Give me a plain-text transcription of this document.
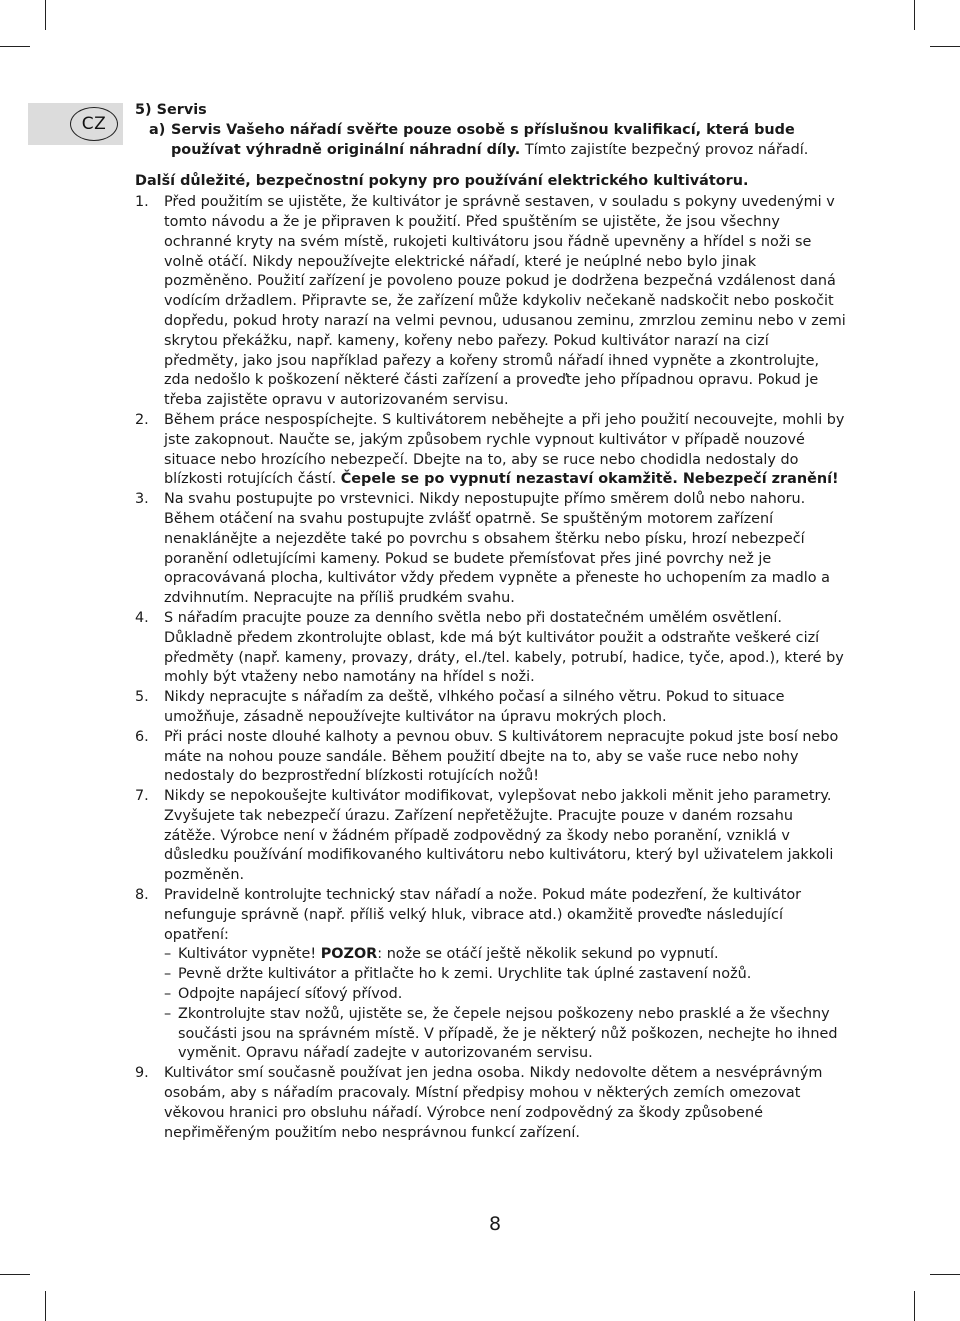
CZ
5) Servis
a) Servis Vašeho nářadí svěřte pouze osobě s příslušnou kvalifikací, která bude používat výhradně originální náhradní díly. Tímto zajistíte bezpečný provoz nářadí.
Další důležité, bezpečnostní pokyny pro používání elektrického kultivátoru.
1. Před použitím se ujistěte, že kultivátor je správně sestaven, v souladu s pokyny uvedenými v tomto návodu a že je připraven k použití. Před spuštěním se ujistěte, že jsou všechny ochranné kryty na svém místě, rukojeti kultivátoru jsou řádně upevněny a hřídel s noži se volně otáčí. Nikdy nepoužívejte elektrické nářadí, které je neúplné nebo bylo jinak pozměněno. Použití zařízení je povoleno pouze pokud je dodržena bezpečná vzdálenost daná vodícím držadlem. Připravte se, že zařízení může kdykoliv nečekaně nadskočit nebo poskočit dopředu, pokud hroty narazí na velmi pevnou, udusanou zeminu, zmrzlou zeminu nebo v zemi skrytou překážku, např. kameny, kořeny nebo pařezy. Pokud kultivátor narazí na cizí předměty, jako jsou například pařezy a kořeny stromů nářadí ihned vypněte a zkontrolujte, zda nedošlo k poškození některé části zařízení a proveďte jeho případnou opravu. Pokud je třeba zajistěte opravu v autorizovaném servisu.
2. Během práce nespospíchejte. S kultivátorem neběhejte a při jeho použití necouvejte, mohli by jste zakopnout. Naučte se, jakým způsobem rychle vypnout kultivátor v případě nouzové situace nebo hrozícího nebezpečí. Dbejte na to, aby se ruce nebo chodidla nedostaly do blízkosti rotujících částí. Čepele se po vypnutí nezastaví okamžitě. Nebezpečí zranění!
3. Na svahu postupujte po vrstevnici. Nikdy nepostupujte přímo směrem dolů nebo nahoru. Během otáčení na svahu postupujte zvlášť opatrně. Se spuštěným motorem zařízení nenaklánějte a nejezděte také po povrchu s obsahem štěrku nebo písku, hrozí nebezpečí poranění odletujícími kameny. Pokud se budete přemísťovat přes jiné povrchy než je opracovávaná plocha, kultivátor vždy předem vypněte a přeneste ho uchopením za madlo a zdvihnutím. Nepracujte na příliš prudkém svahu.
4. S nářadím pracujte pouze za denního světla nebo při dostatečném umělém osvětlení. Důkladně předem zkontrolujte oblast, kde má být kultivátor použit a odstraňte veškeré cizí předměty (např. kameny, provazy, dráty, el./tel. kabely, potrubí, hadice, tyče, apod.), které by mohly být vtaženy nebo namotány na hřídel s noži.
5. Nikdy nepracujte s nářadím za deště, vlhkého počasí a silného větru. Pokud to situace umožňuje, zásadně nepoužívejte kultivátor na úpravu mokrých ploch.
6. Při práci noste dlouhé kalhoty a pevnou obuv. S kultivátorem nepracujte pokud jste bosí nebo máte na nohou pouze sandále. Během použití dbejte na to, aby se vaše ruce nebo nohy nedostaly do bezprostřední blízkosti rotujících nožů!
7. Nikdy se nepokoušejte kultivátor modifikovat, vylepšovat nebo jakkoli měnit jeho parametry. Zvyšujete tak nebezpečí úrazu. Zařízení nepřetěžujte. Pracujte pouze v daném rozsahu zátěže. Výrobce není v žádném případě zodpovědný za škody nebo poranění, vzniklá v důsledku používání modifikovaného kultivátoru nebo kultivátoru, který byl uživatelem jakkoli pozměněn.
8. Pravidelně kontrolujte technický stav nářadí a nože. Pokud máte podezření, že kultivátor nefunguje správně (např. příliš velký hluk, vibrace atd.) okamžitě proveďte následující opatření:
– Kultivátor vypněte! POZOR: nože se otáčí ještě několik sekund po vypnutí.
– Pevně držte kultivátor a přitlačte ho k zemi. Urychlite tak úplné zastavení nožů.
– Odpojte napájecí síťový přívod.
– Zkontrolujte stav nožů, ujistěte se, že čepele nejsou poškozeny nebo prasklé a že všechny součásti jsou na správném místě. V případě, že je některý nůž poškozen, nechejte ho ihned vyměnit. Opravu nářadí zadejte v autorizovaném servisu.
9. Kultivátor smí současně používat jen jedna osoba. Nikdy nedovolte dětem a nesvéprávným osobám, aby s nářadím pracovaly. Místní předpisy mohou v některých zemích omezovat věkovou hranici pro obsluhu nářadí. Výrobce není zodpovědný za škody způsobené nepřiměřeným použitím nebo nesprávnou funkcí zařízení.
8
